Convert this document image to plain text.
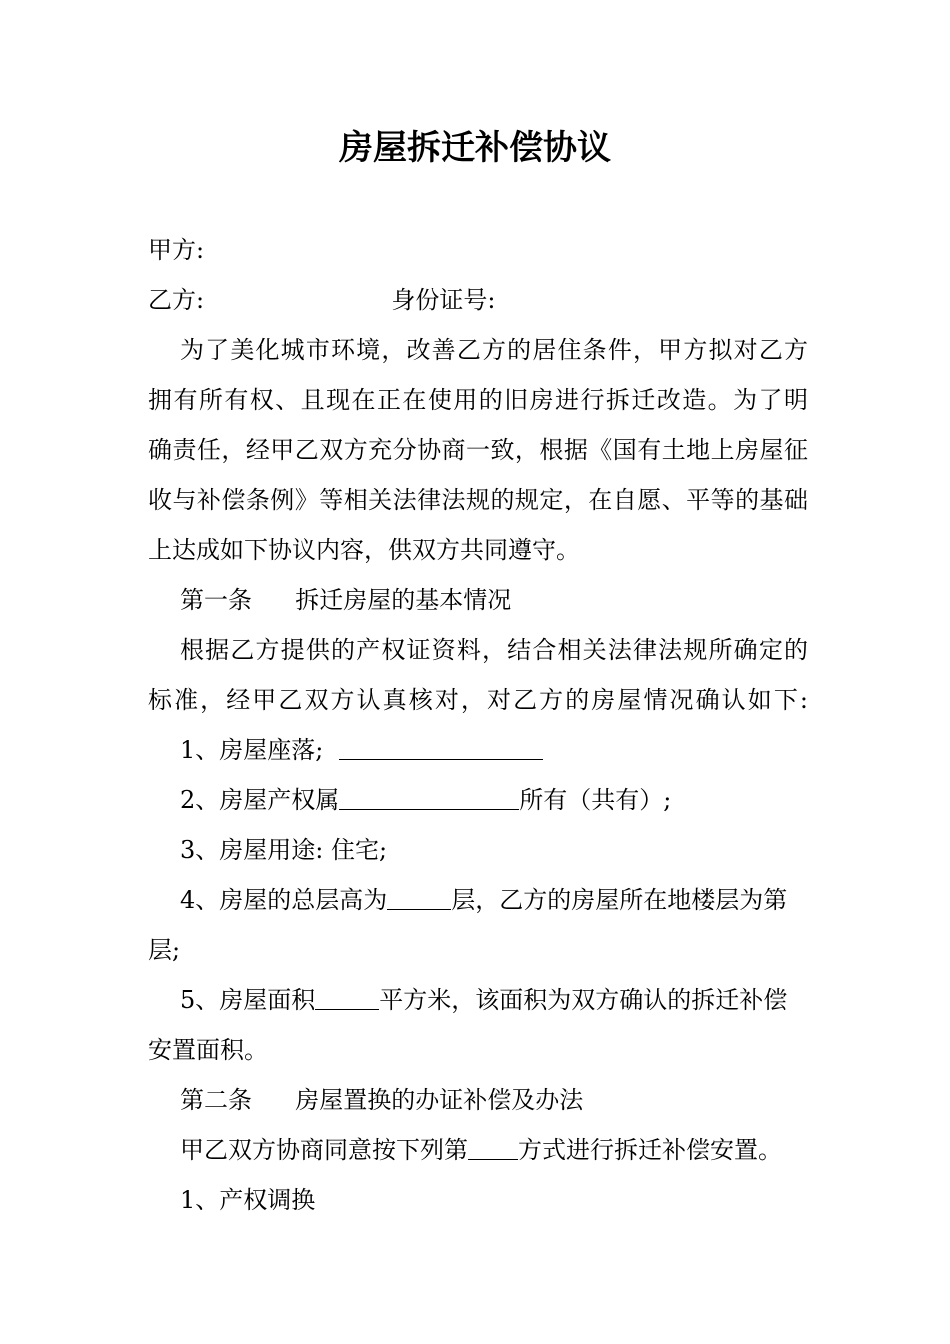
房屋拆迁补偿协议
甲方:
乙方:	身份证号:
为了美化城市环境，改善乙方的居住条件，甲方拟对乙方
拥有所有权、且现在正在使用的旧房进行拆迁改造。为了明
确责任，经甲乙双方充分协商一致，根据《国有土地上房屋征
收与补偿条例》等相关法律法规的规定，在自愿、平等的基础
上达成如下协议内容，供双方共同遵守。
第一条 拆迁房屋的基本情况
根据乙方提供的产权证资料，结合相关法律法规所确定的
标准，经甲乙双方认真核对，对乙方的房屋情况确认如下:
1、房屋座落;
2、房屋产权属	所有（共有）;
3、房屋用途: 住宅;
4、房屋的总层高为	层，乙方的房屋所在地楼层为第
层;
5、房屋面积	平方米，该面积为双方确认的拆迁补偿
安置面积。
第二条 房屋置换的办证补偿及办法
甲乙双方协商同意按下列第 方式进行拆迁补偿安置。
1、产权调换
